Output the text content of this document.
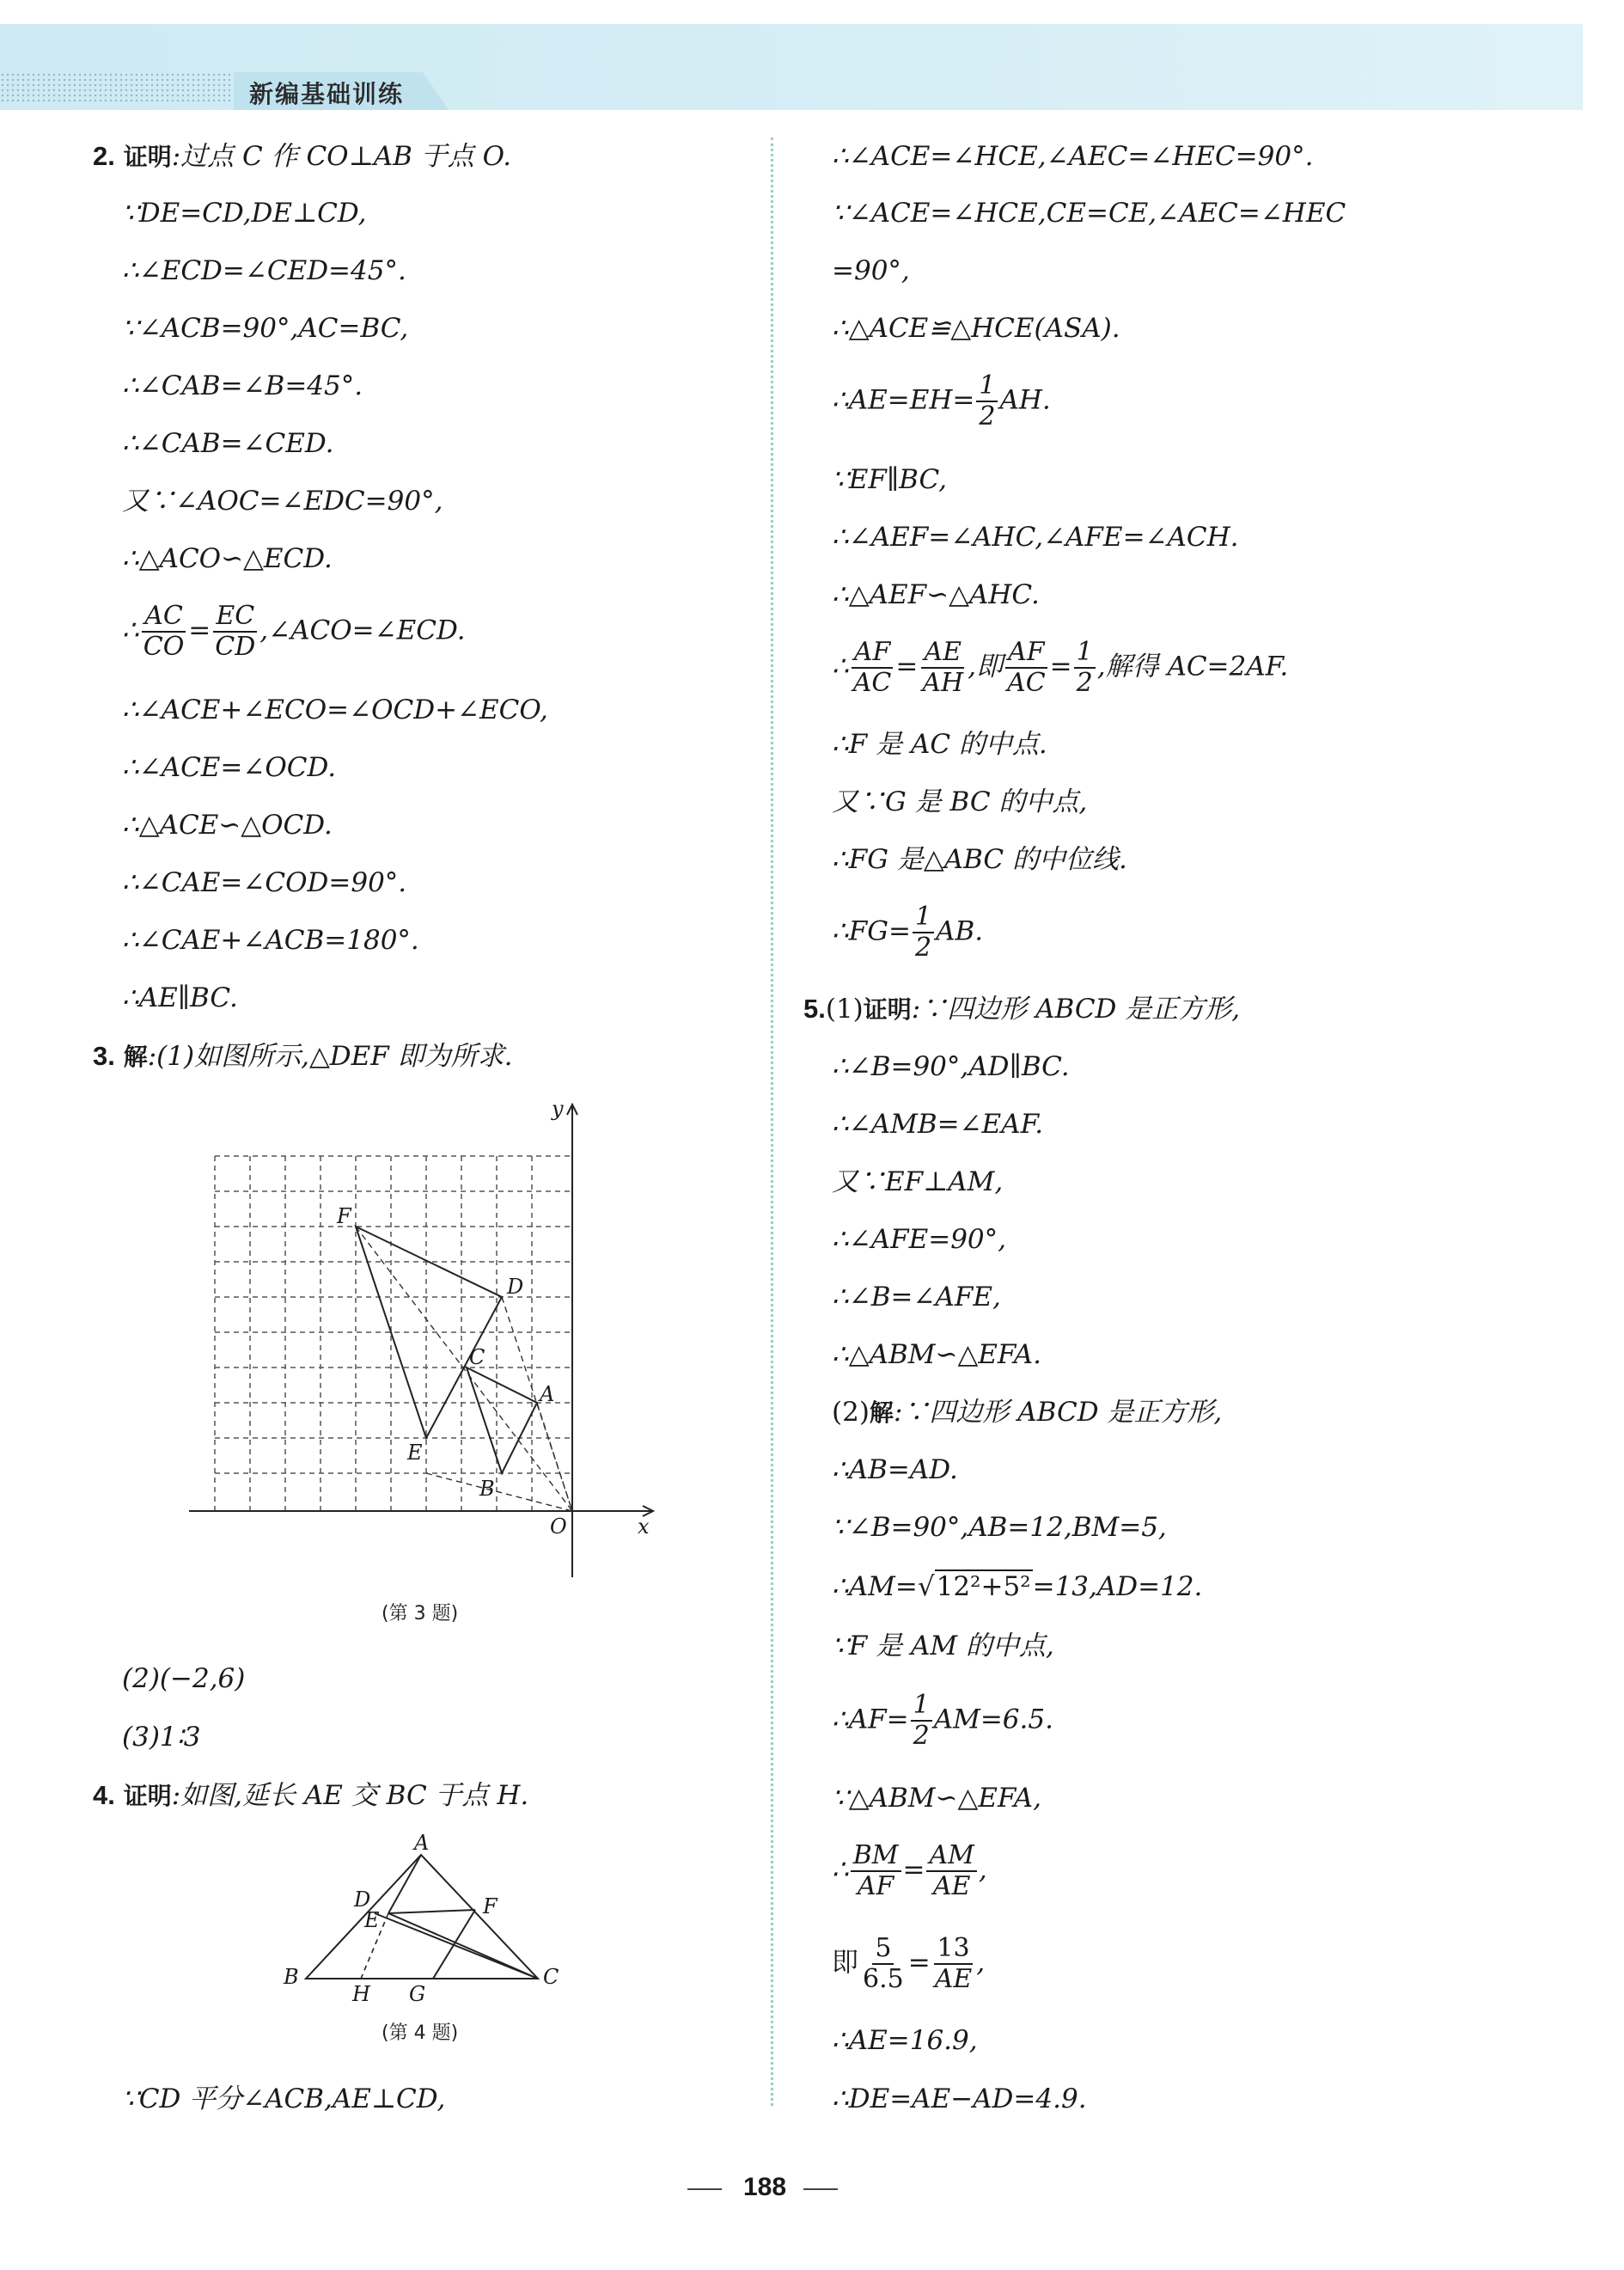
新编基础训练
2. 证明:过点 C 作 CO⊥AB 于点 O.
∵DE=CD,DE⊥CD,
∴∠ECD=∠CED=45°.
∵∠ACB=90°,AC=BC,
∴∠CAB=∠B=45°.
∴∠CAB=∠CED.
又∵∠AOC=∠EDC=90°,
∴△ACO∽△ECD.
∴ $\frac{AC}{CO} = \frac{EC}{CD}$ ,∠ACO=∠ECD.
∴∠ACE+∠ECO=∠OCD+∠ECO,
∴∠ACE=∠OCD.
∴△ACE∽△OCD.
∴∠CAE=∠COD=90°.
∴∠CAE+∠ACB=180°.
∴AE∥BC.
3. 解:(1)如图所示,△DEF 即为所求.
F
D
C
A
E
B
O	x
y
(第 3 题)
(2)(−2,6)
(3)1∶3
4. 证明:如图,延长 AE 交 BC 于点 H.
A
D
E
F
B
H G
C
(第 4 题)
∵CD 平分∠ACB,AE⊥CD,
∴∠ACE=∠HCE,∠AEC=∠HEC=90°.
∵∠ACE=∠HCE,CE=CE,∠AEC=∠HEC
=90°,
∴△ACE≌△HCE(ASA).
∴AE=EH= $\frac{1}{2}$ AH.
∵EF∥BC,
∴∠AEF=∠AHC,∠AFE=∠ACH.
∴△AEF∽△AHC.
∴ $\frac{AF}{AC} = \frac{AE}{AH}$ ,即 $\frac{AF}{AC} = \frac{1}{2}$ ,解得 AC=2AF.
∴F 是 AC 的中点.
又∵G 是 BC 的中点,
∴FG 是△ABC 的中位线.
∴FG= $\frac{1}{2}$ AB.
5.(1)证明:∵四边形 ABCD 是正方形,
∴∠B=90°,AD∥BC.
∴∠AMB=∠EAF.
又∵EF⊥AM,
∴∠AFE=90°,
∴∠B=∠AFE,
∴△ABM∽△EFA.
(2)解:∵四边形 ABCD 是正方形,
∴AB=AD.
∵∠B=90°,AB=12,BM=5,
∴AM=√12²+5²=13,AD=12.
∵F 是 AM 的中点,
∴AF= $\frac{1}{2} AM=6.5$.
∵△ABM∽△EFA,
∴ $\frac{BM}{AF} = \frac{AM}{AE}$ ,
即 $\frac{5}{6.5} = \frac{13}{AE}$ ,
∴AE=16.9,
∴DE=AE−AD=4.9.
188
